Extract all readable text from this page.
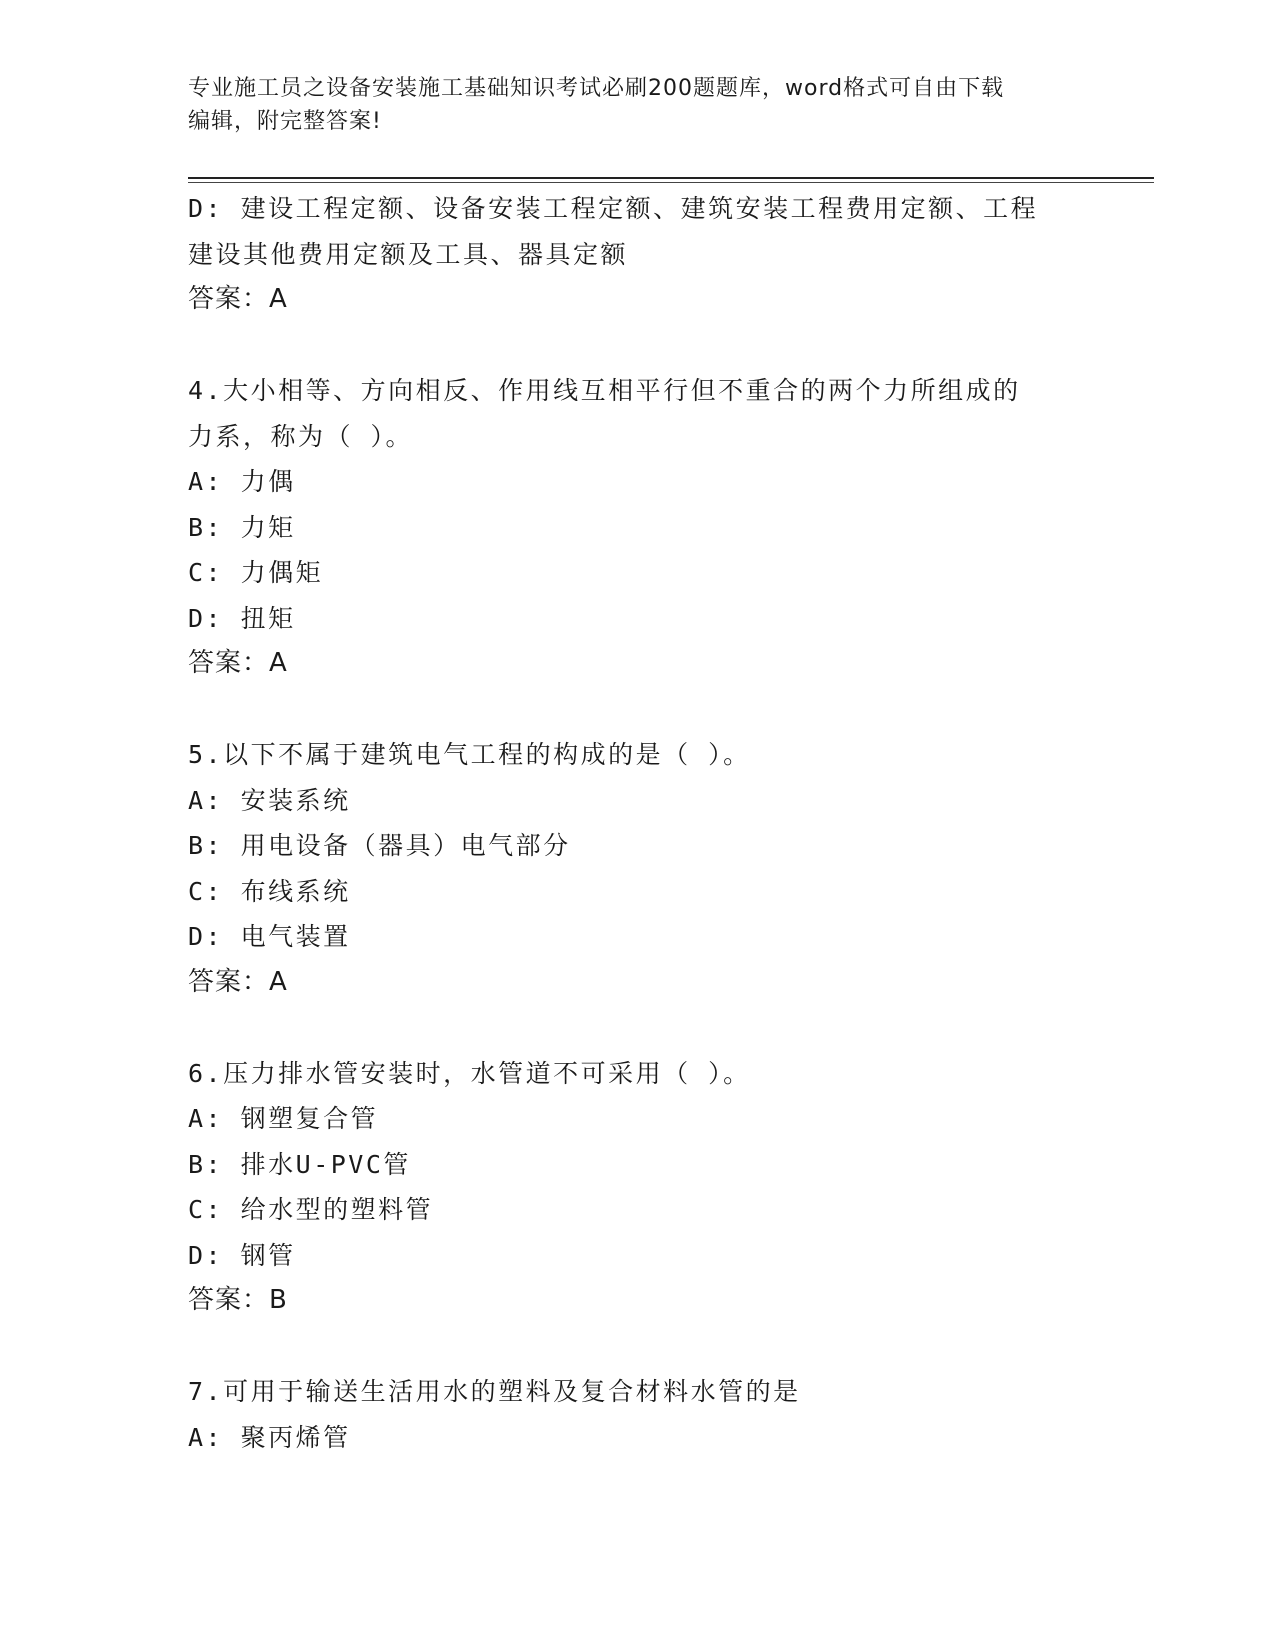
专业施工员之设备安装施工基础知识考试必刷200题题库，word格式可自由下载
编辑，附完整答案!
D: 建设工程定额、设备安装工程定额、建筑安装工程费用定额、工程
建设其他费用定额及工具、器具定额
答案：A
4.大小相等、方向相反、作用线互相平行但不重合的两个力所组成的
力系，称为（ ）。
A: 力偶
B: 力矩
C: 力偶矩
D: 扭矩
答案：A
5.以下不属于建筑电气工程的构成的是（ ）。
A: 安装系统
B: 用电设备（器具）电气部分
C: 布线系统
D: 电气装置
答案：A
6.压力排水管安装时，水管道不可采用（ ）。
A: 钢塑复合管
B: 排水U-PVC管
C: 给水型的塑料管
D: 钢管
答案：B
7.可用于输送生活用水的塑料及复合材料水管的是
A: 聚丙烯管
